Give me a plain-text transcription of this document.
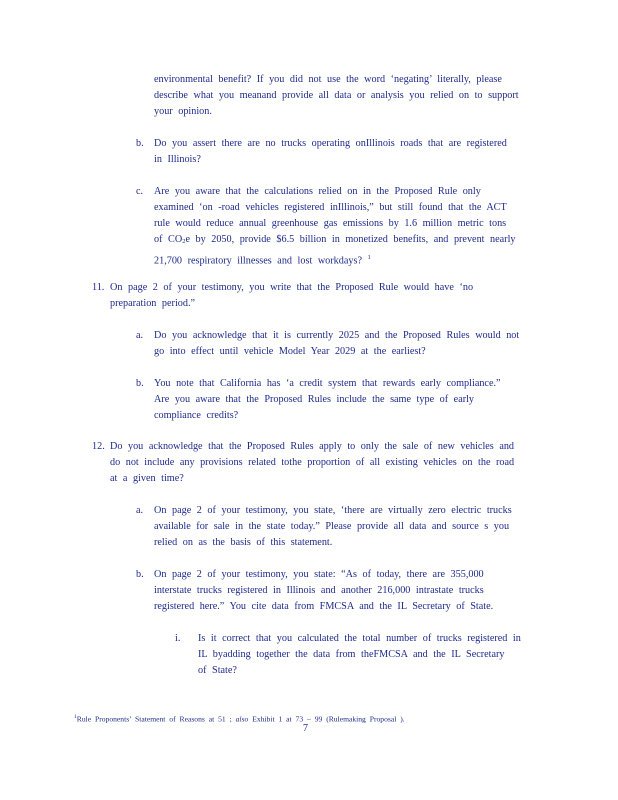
environmental benefit? If you did not use the word ‘negating’ literally, please
describe what you meanand provide all data or analysis you relied on to support
your opinion.
b. Do you assert there are no trucks operating onIllinois roads that are registered
in Illinois?
c. Are you aware that the calculations relied on in the Proposed Rule only
examined ‘on -road vehicles registered inIllinois,” but still found that the ACT
rule would reduce annual greenhouse gas emissions by 1.6 million metric tons
of $CO_2e$ by 2050, provide $6.5 billion in monetized benefits, and prevent nearly
21,700 respiratory illnesses and lost workdays? $^1$
11. On page 2 of your testimony, you write that the Proposed Rule would have ‘no
preparation period.”
a. Do you acknowledge that it is currently 2025 and the Proposed Rules would not
go into effect until vehicle Model Year 2029 at the earliest?
b. You note that California has ‘a credit system that rewards early compliance.”
Are you aware that the Proposed Rules include the same type of early
compliance credits?
12. Do you acknowledge that the Proposed Rules apply to only the sale of new vehicles and
do not include any provisions related tothe proportion of all existing vehicles on the road
at a given time?
a. On page 2 of your testimony, you state, ‘there are virtually zero electric trucks
available for sale in the state today.” Please provide all data and source s you
relied on as the basis of this statement.
b. On page 2 of your testimony, you state: “As of today, there are 355,000
interstate trucks registered in Illinois and another 216,000 intrastate trucks
registered here.” You cite data from FMCSA and the IL Secretary of State.
i. Is it correct that you calculated the total number of trucks registered in
IL byadding together the data from theFMCSA and the IL Secretary
of State?
$^1$Rule Proponents’ Statement of Reasons at 51 ; also Exhibit 1 at 73 – 99 (Rulemaking Proposal ).
7
